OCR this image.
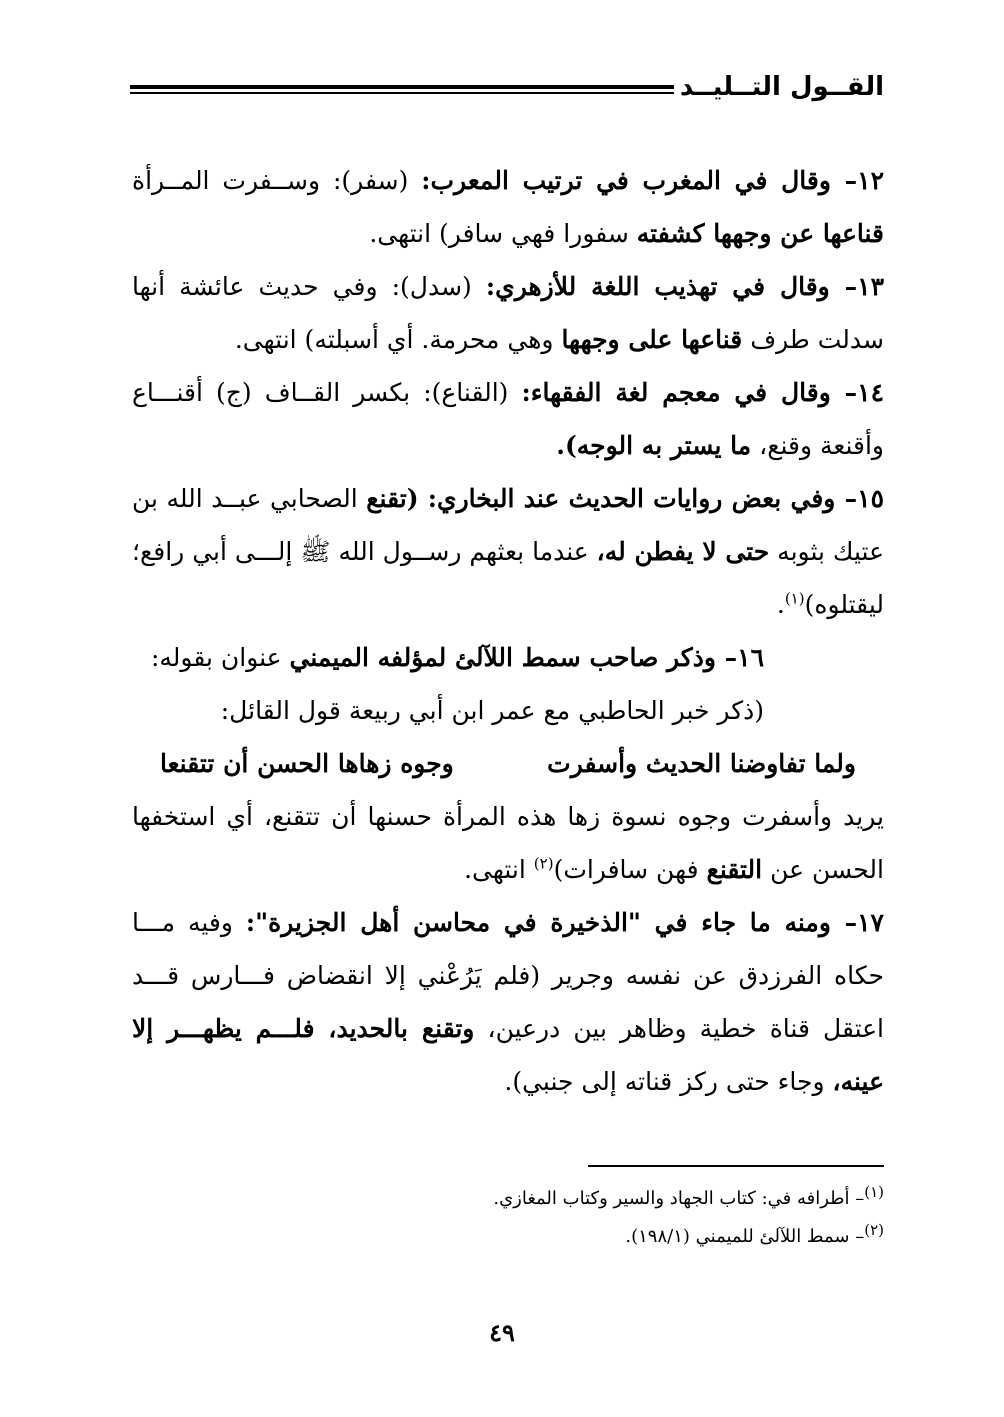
القــول التــليــد

١٢– وقال في المغرب في ترتيب المعرب: (سفر): وســفرت المــرأة قناعها عن وجهها كشفته سفورا فهي سافر) انتهى.

١٣– وقال في تهذيب اللغة للأزهري: (سدل): وفي حديث عائشة أنها سدلت طرف قناعها على وجهها وهي محرمة. أي أسبلته) انتهى.

١٤– وقال في معجم لغة الفقهاء: (القناع): بكسر القــاف (ج) أقنـــاع وأقنعة وقنع، ما يستر به الوجه).

١٥– وفي بعض روايات الحديث عند البخاري: (تقنع الصحابي عبــد الله بن عتيك بثوبه حتى لا يفطن له، عندما بعثهم رســول الله ﷺ إلـــى أبي رافع؛ ليقتلوه)$^{(١)}$.

١٦– وذكر صاحب سمط اللآلئ لمؤلفه الميمني عنوان بقوله:

(ذكر خبر الحاطبي مع عمر ابن أبي ربيعة قول القائل:

ولما تفاوضنا الحديث وأسفرت
وجوه زهاها الحسن أن تتقنعا

يريد وأسفرت وجوه نسوة زها هذه المرأة حسنها أن تتقنع، أي استخفها الحسن عن التقنع فهن سافرات)$^{(٢)}$ انتهى.

١٧– ومنه ما جاء في "الذخيرة في محاسن أهل الجزيرة": وفيه مـــا حكاه الفرزدق عن نفسه وجرير (فلم يَرُعْني إلا انقضاض فـــارس قـــد اعتقل قناة خطية وظاهر بين درعين، وتقنع بالحديد، فلـــم يظهـــر إلا عينه، وجاء حتى ركز قناته إلى جنبي).

$^{(١)}$– أطرافه في: كتاب الجهاد والسير وكتاب المغازي.
$^{(٢)}$– سمط اللآلئ للميمني (١٩٨/١).
٤٩
